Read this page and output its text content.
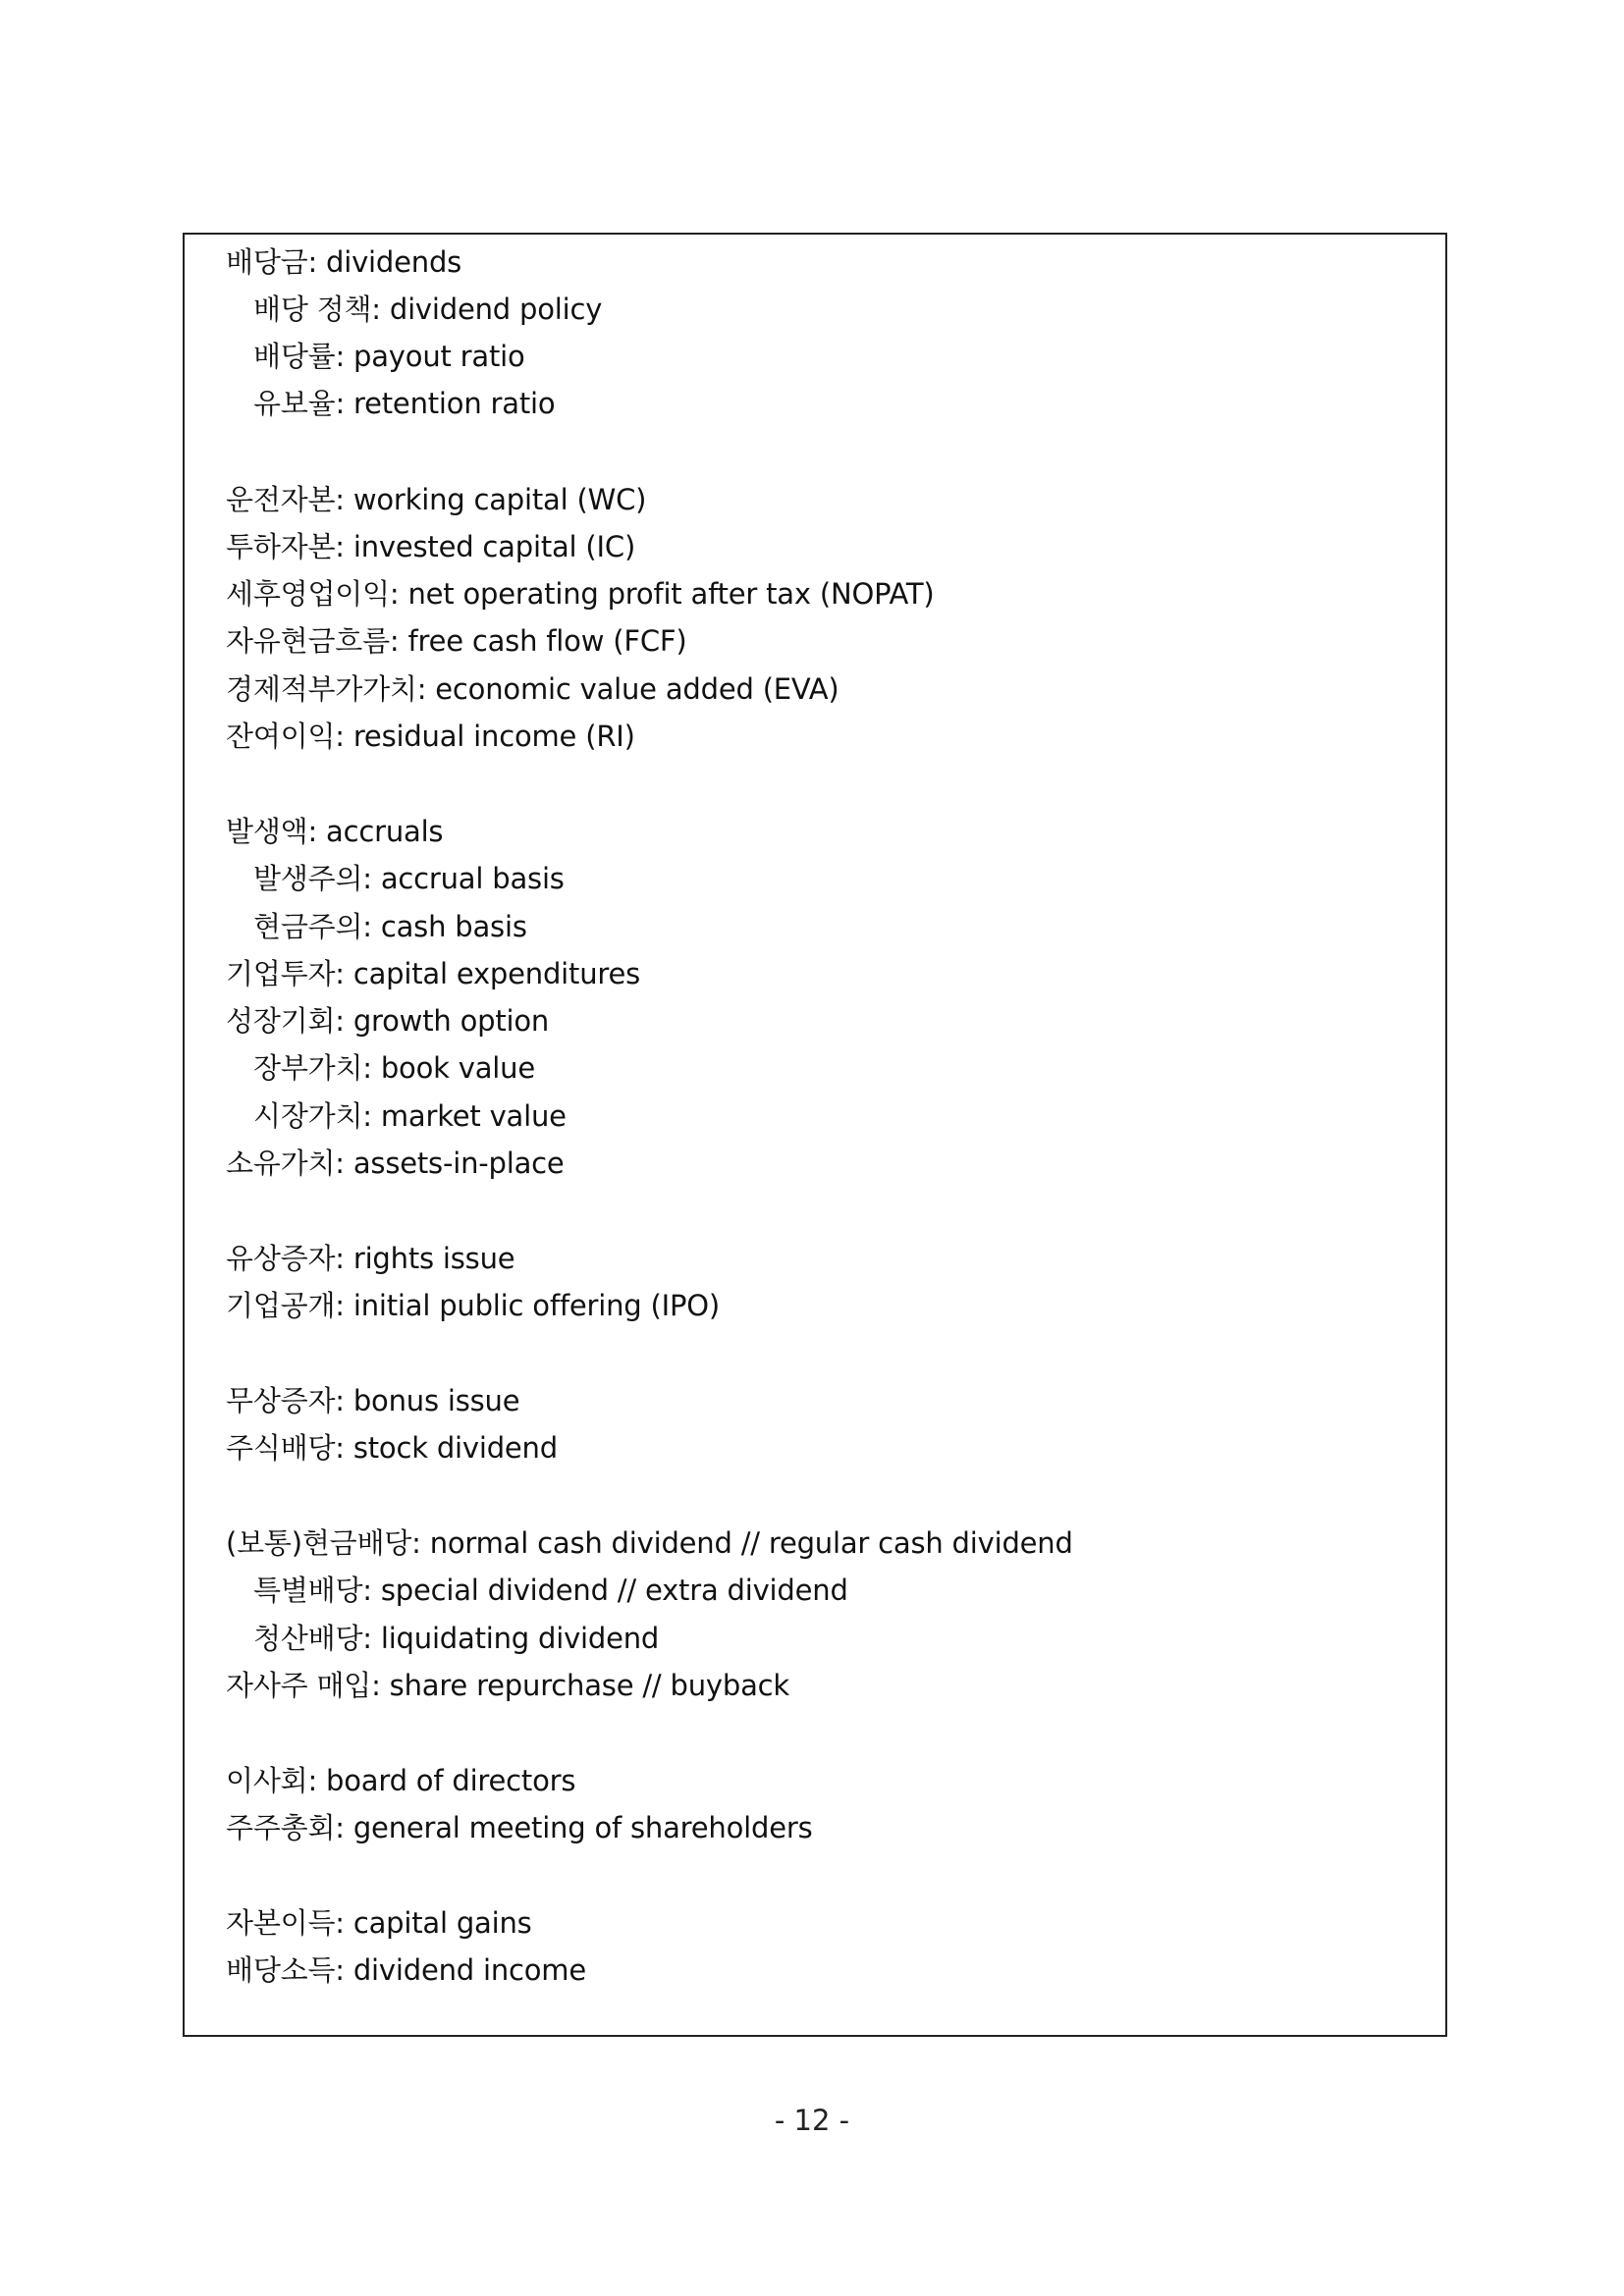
배당금: dividends
배당 정책: dividend policy
배당률: payout ratio
유보율: retention ratio
운전자본: working capital (WC)
투하자본: invested capital (IC)
세후영업이익: net operating profit after tax (NOPAT)
자유현금흐름: free cash flow (FCF)
경제적부가가치: economic value added (EVA)
잔여이익: residual income (RI)
발생액: accruals
발생주의: accrual basis
현금주의: cash basis
기업투자: capital expenditures
성장기회: growth option
장부가치: book value
시장가치: market value
소유가치: assets-in-place
유상증자: rights issue
기업공개: initial public offering (IPO)
무상증자: bonus issue
주식배당: stock dividend
(보통)현금배당: normal cash dividend // regular cash dividend
특별배당: special dividend // extra dividend
청산배당: liquidating dividend
자사주 매입: share repurchase // buyback
이사회: board of directors
주주총회: general meeting of shareholders
자본이득: capital gains
배당소득: dividend income
- 12 -
